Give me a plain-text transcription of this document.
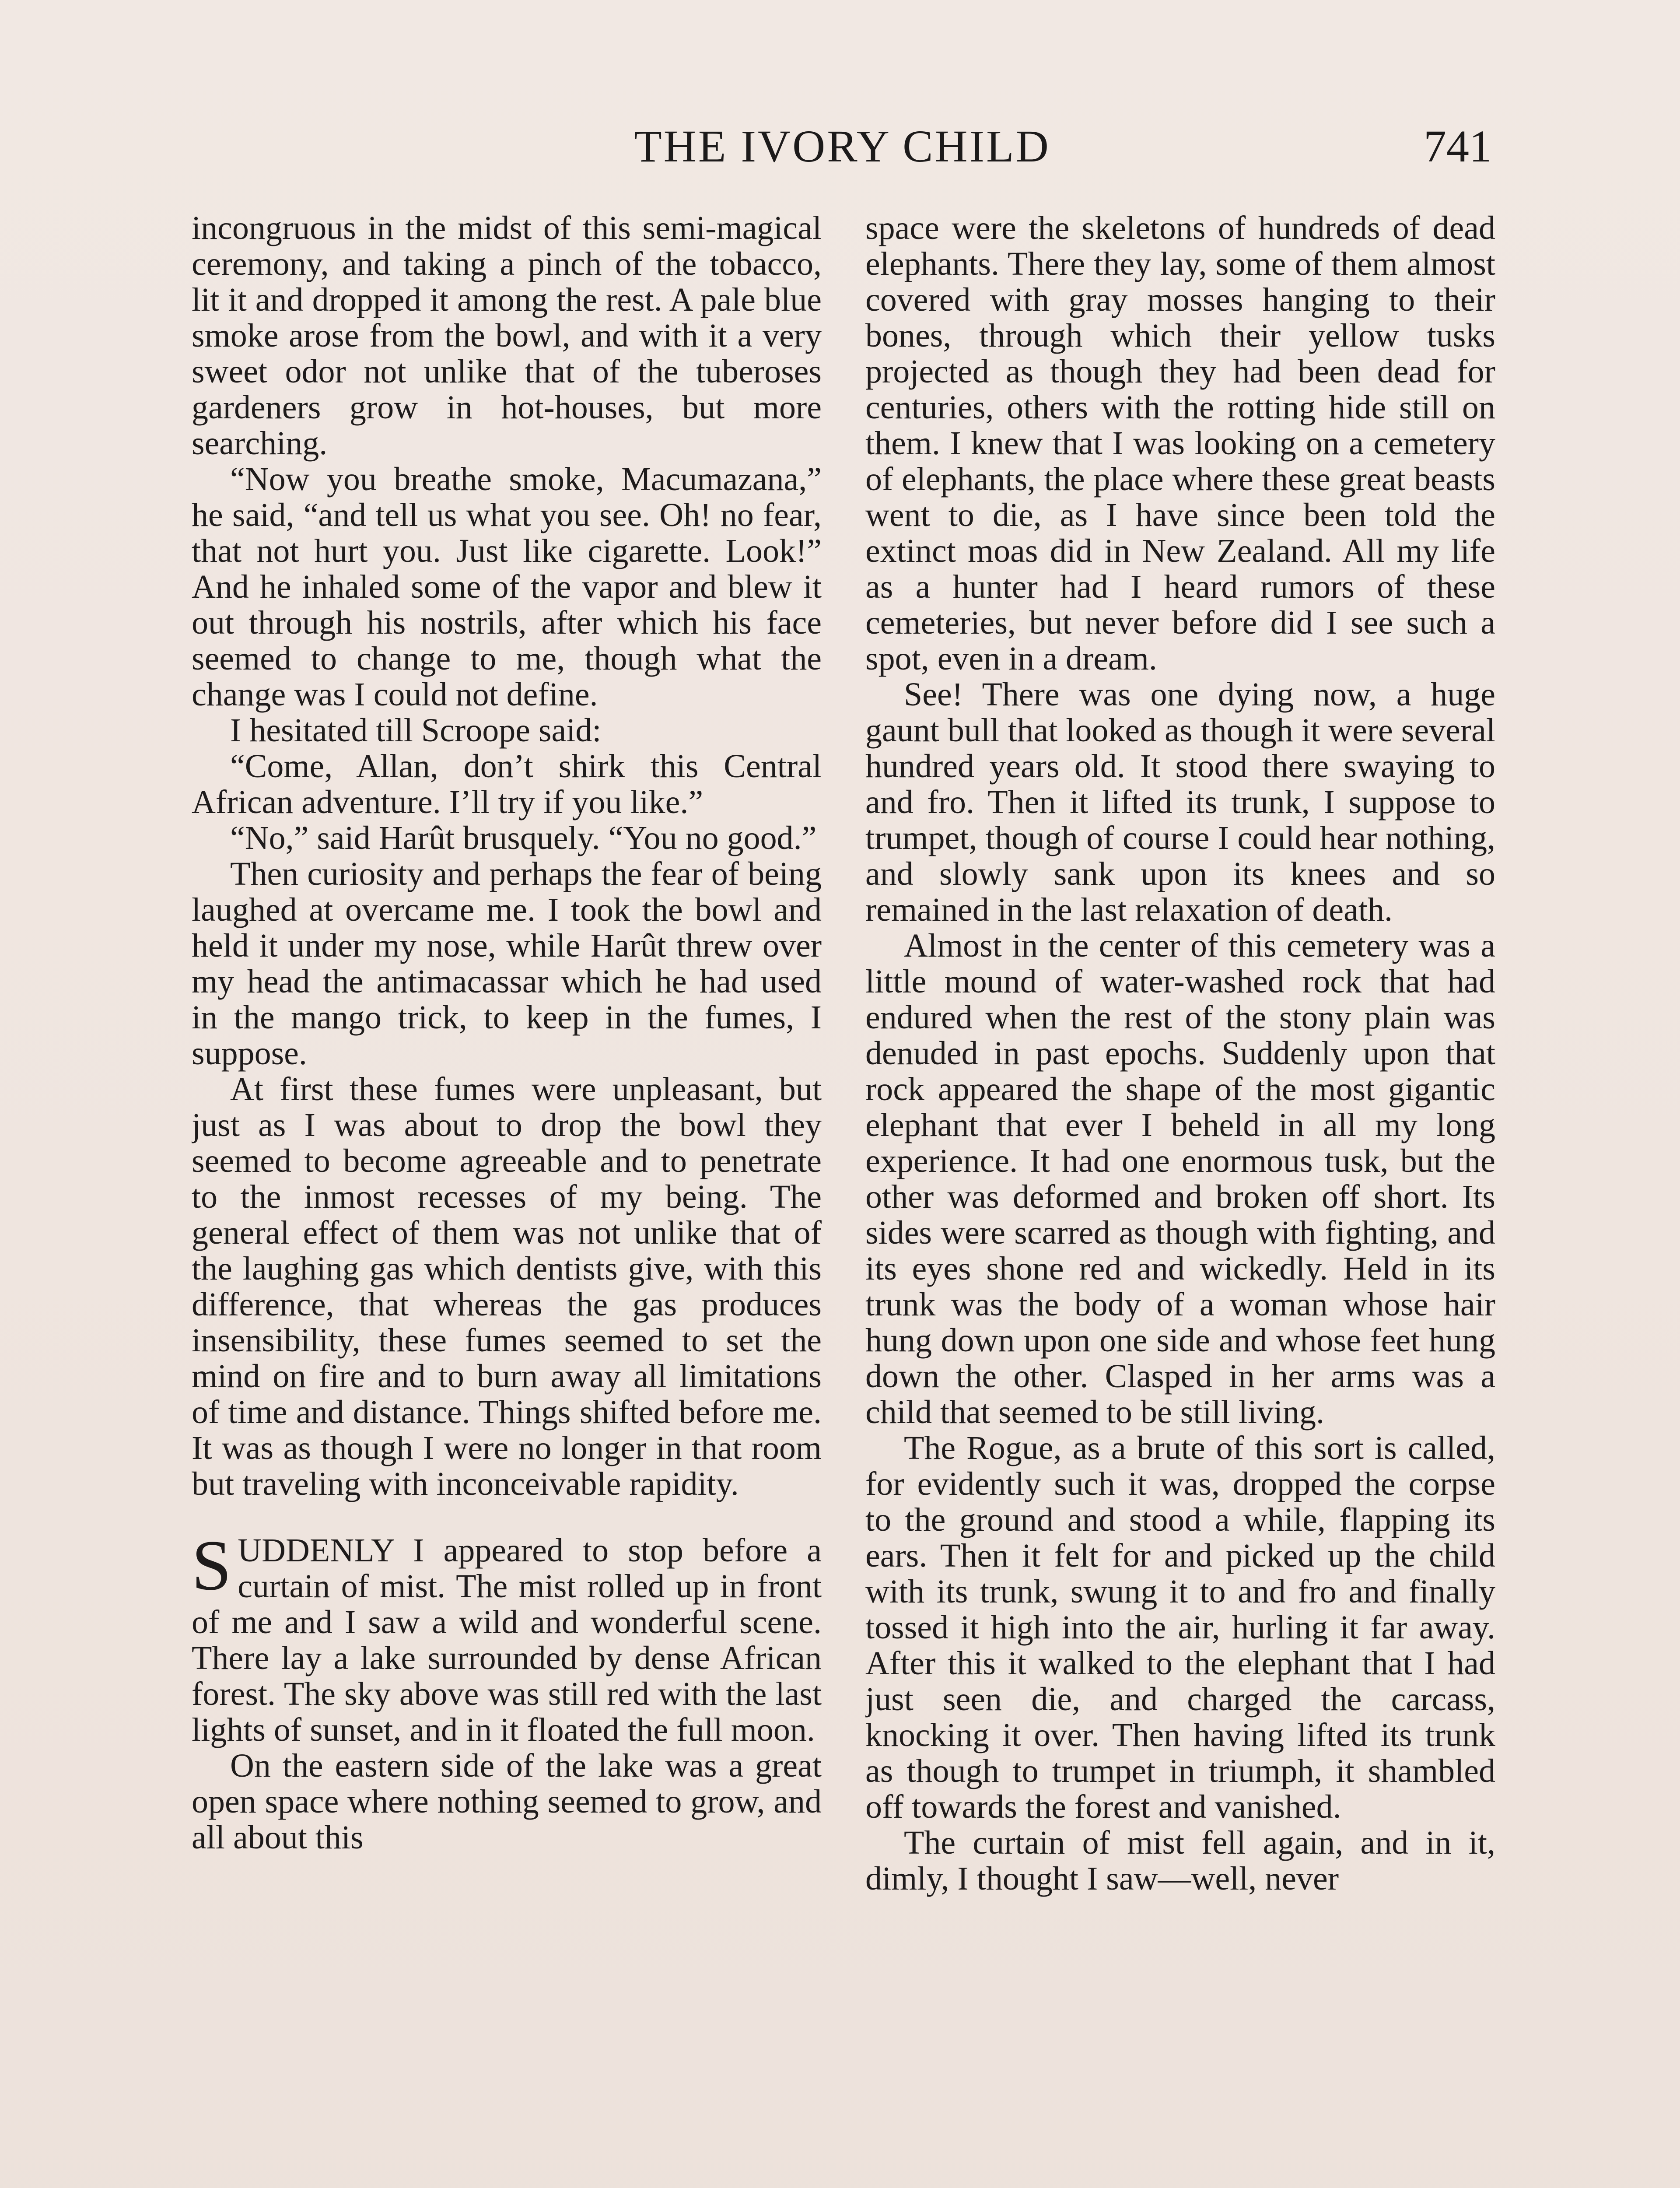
THE IVORY CHILD	741

incongruous in the midst of this semi-magical ceremony, and taking a pinch of the tobacco, lit it and dropped it among the rest. A pale blue smoke arose from the bowl, and with it a very sweet odor not unlike that of the tuberoses gardeners grow in hot-houses, but more searching.

“Now you breathe smoke, Macumazana,” he said, “and tell us what you see. Oh! no fear, that not hurt you. Just like cigarette. Look!” And he inhaled some of the vapor and blew it out through his nostrils, after which his face seemed to change to me, though what the change was I could not define.

I hesitated till Scroope said:

“Come, Allan, don’t shirk this Central African adventure. I’ll try if you like.”

“No,” said Harût brusquely. “You no good.”

Then curiosity and perhaps the fear of being laughed at overcame me. I took the bowl and held it under my nose, while Harût threw over my head the antimacassar which he had used in the mango trick, to keep in the fumes, I suppose.

At first these fumes were unpleasant, but just as I was about to drop the bowl they seemed to become agreeable and to penetrate to the inmost recesses of my being. The general effect of them was not unlike that of the laughing gas which dentists give, with this difference, that whereas the gas produces insensibility, these fumes seemed to set the mind on fire and to burn away all limitations of time and distance. Things shifted before me. It was as though I were no longer in that room but traveling with inconceivable rapidity.

SUDDENLY I appeared to stop before a curtain of mist. The mist rolled up in front of me and I saw a wild and wonderful scene. There lay a lake surrounded by dense African forest. The sky above was still red with the last lights of sunset, and in it floated the full moon.

On the eastern side of the lake was a great open space where nothing seemed to grow, and all about this

space were the skeletons of hundreds of dead elephants. There they lay, some of them almost covered with gray mosses hanging to their bones, through which their yellow tusks projected as though they had been dead for centuries, others with the rotting hide still on them. I knew that I was looking on a cemetery of elephants, the place where these great beasts went to die, as I have since been told the extinct moas did in New Zealand. All my life as a hunter had I heard rumors of these cemeteries, but never before did I see such a spot, even in a dream.

See! There was one dying now, a huge gaunt bull that looked as though it were several hundred years old. It stood there swaying to and fro. Then it lifted its trunk, I suppose to trumpet, though of course I could hear nothing, and slowly sank upon its knees and so remained in the last relaxation of death.

Almost in the center of this cemetery was a little mound of water-washed rock that had endured when the rest of the stony plain was denuded in past epochs. Suddenly upon that rock appeared the shape of the most gigantic elephant that ever I beheld in all my long experience. It had one enormous tusk, but the other was deformed and broken off short. Its sides were scarred as though with fighting, and its eyes shone red and wickedly. Held in its trunk was the body of a woman whose hair hung down upon one side and whose feet hung down the other. Clasped in her arms was a child that seemed to be still living.

The Rogue, as a brute of this sort is called, for evidently such it was, dropped the corpse to the ground and stood a while, flapping its ears. Then it felt for and picked up the child with its trunk, swung it to and fro and finally tossed it high into the air, hurling it far away. After this it walked to the elephant that I had just seen die, and charged the carcass, knocking it over. Then having lifted its trunk as though to trumpet in triumph, it shambled off towards the forest and vanished.

The curtain of mist fell again, and in it, dimly, I thought I saw—well, never
